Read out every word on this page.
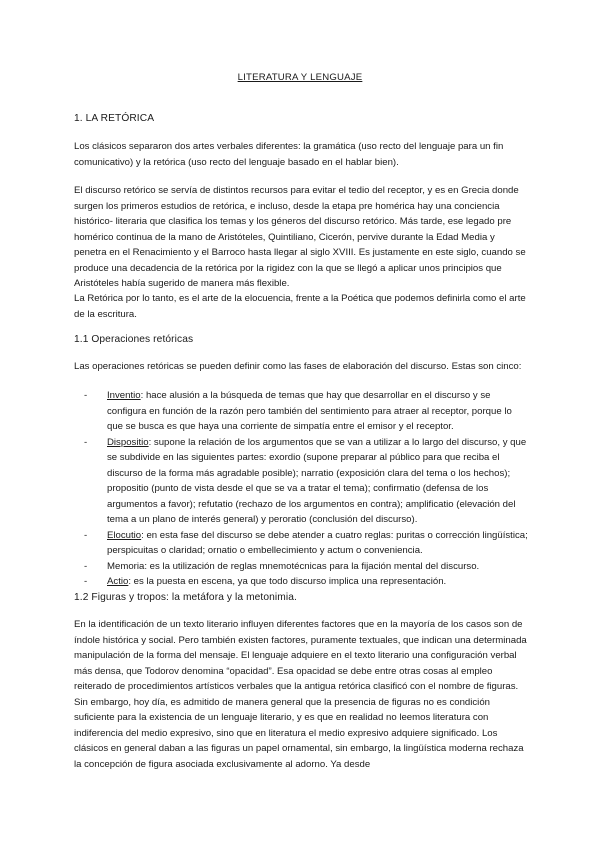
LITERATURA Y LENGUAJE
1. LA RETÓRICA

Los clásicos separaron dos artes verbales diferentes: la gramática (uso recto del lenguaje para un fin comunicativo) y la retórica (uso recto del lenguaje basado en el hablar bien).

El discurso retórico se servía de distintos recursos para evitar el tedio del receptor, y es en Grecia donde surgen los primeros estudios de retórica, e incluso, desde la etapa pre homérica hay una conciencia histórico- literaria que clasifica los temas y los géneros del discurso retórico. Más tarde, ese legado pre homérico continua de la mano de Aristóteles, Quintiliano, Cicerón, pervive durante la Edad Media y penetra en el Renacimiento y el Barroco hasta llegar al siglo XVIII. Es justamente en este siglo, cuando se produce una decadencia de la retórica por la rigidez con la que se llegó a aplicar unos principios que Aristóteles había sugerido de manera más flexible.

La Retórica por lo tanto, es el arte de la elocuencia, frente a la Poética que podemos definirla como el arte de la escritura.

1.1 Operaciones retóricas

Las operaciones retóricas se pueden definir como las fases de elaboración del discurso. Estas son cinco:

- Inventio: hace alusión a la búsqueda de temas que hay que desarrollar en el discurso y se configura en función de la razón pero también del sentimiento para atraer al receptor, porque lo que se busca es que haya una corriente de simpatía entre el emisor y el receptor.
- Dispositio: supone la relación de los argumentos que se van a utilizar a lo largo del discurso, y que se subdivide en las siguientes partes: exordio (supone preparar al público para que reciba el discurso de la forma más agradable posible); narratio (exposición clara del tema o los hechos); propositio (punto de vista desde el que se va a tratar el tema); confirmatio (defensa de los argumentos a favor); refutatio (rechazo de los argumentos en contra); amplificatio (elevación del tema a un plano de interés general) y peroratio (conclusión del discurso).
- Elocutio: en esta fase del discurso se debe atender a cuatro reglas: puritas o corrección lingüística; perspicuitas o claridad; ornatio o embellecimiento y actum o conveniencia.
- Memoria: es la utilización de reglas mnemotécnicas para la fijación mental del discurso.
- Actio: es la puesta en escena, ya que todo discurso implica una representación.
1.2 Figuras y tropos: la metáfora y la metonimia.

En la identificación de un texto literario influyen diferentes factores que en la mayoría de los casos son de índole histórica y social. Pero también existen factores, puramente textuales, que indican una determinada manipulación de la forma del mensaje. El lenguaje adquiere en el texto literario una configuración verbal más densa, que Todorov denomina “opacidad”. Esa opacidad se debe entre otras cosas al empleo reiterado de procedimientos artísticos verbales que la antigua retórica clasificó con el nombre de figuras. Sin embargo, hoy día, es admitido de manera general que la presencia de figuras no es condición suficiente para la existencia de un lenguaje literario, y es que en realidad no leemos literatura con indiferencia del medio expresivo, sino que en literatura el medio expresivo adquiere significado. Los clásicos en general daban a las figuras un papel ornamental, sin embargo, la lingüística moderna rechaza la concepción de figura asociada exclusivamente al adorno. Ya desde
